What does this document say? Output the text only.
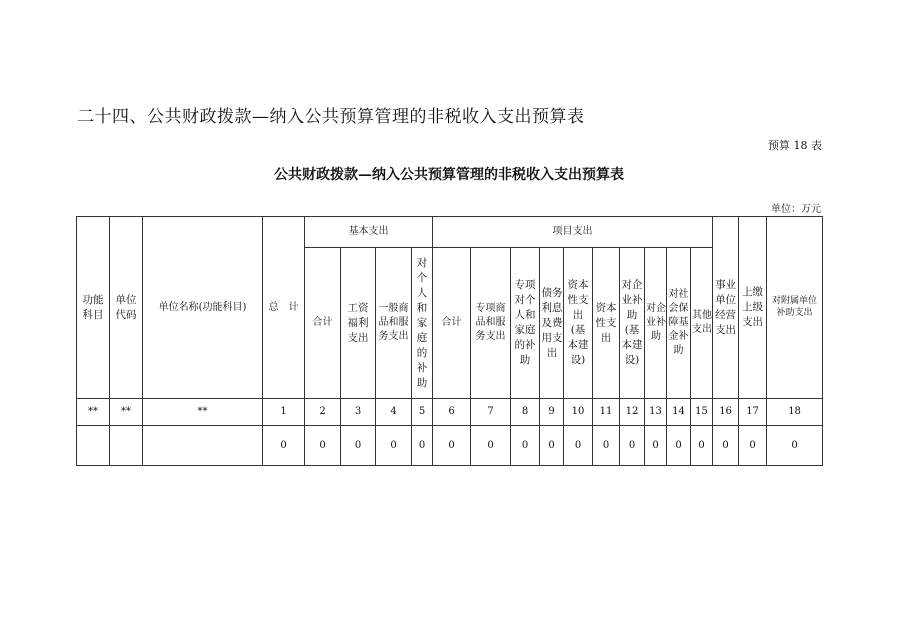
二十四、公共财政拨款—纳入公共预算管理的非税收入支出预算表
预算 18 表
公共财政拨款—纳入公共预算管理的非税收入支出预算表
单位：万元
功能科目	单位代码	单位名称(功能科目)	总　计	基本支出				项目支出										事业单位经营支出	上缴上级支出	对附属单位补助支出
				合计	工资福利支出	一般商品和服务支出	对个人和家庭的补助	合计	专项商品和服务支出	专项对个人和家庭的补助	债务利息及费用支出	资本性支出(基本建设)	资本性支出	对企业补助(基本建设)	对企业补助	对社会保障基金补助	其他支出			
**	**	**	1	2	3	4	5	6	7	8	9	10	11	12	13	14	15	16	17	18
			0	0	0	0	0	0	0	0	0	0	0	0	0	0	0	0	0	0
